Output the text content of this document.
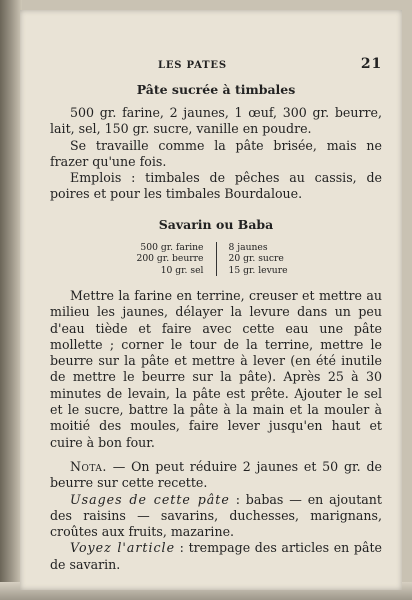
LES PATES	21
Pâte sucrée à timbales

500 gr. farine, 2 jaunes, 1 œuf, 300 gr. beurre, lait, sel, 150 gr. sucre, vanille en poudre.

Se travaille comme la pâte brisée, mais ne frazer qu'une fois.

Emplois : timbales de pêches au cassis, de poires et pour les timbales Bourdaloue.

Savarin ou Baba
500 gr. farine
200 gr. beurre
10 gr. sel
8 jaunes
20 gr. sucre
15 gr. levure

Mettre la farine en terrine, creuser et mettre au milieu les jaunes, délayer la levure dans un peu d'eau tiède et faire avec cette eau une pâte mollette ; corner le tour de la terrine, mettre le beurre sur la pâte et mettre à lever (en été inutile de mettre le beurre sur la pâte). Après 25 à 30 minutes de levain, la pâte est prête. Ajouter le sel et le sucre, battre la pâte à la main et la mouler à moitié des moules, faire lever jusqu'en haut et cuire à bon four.

Nota. — On peut réduire 2 jaunes et 50 gr. de beurre sur cette recette.

Usages de cette pâte : babas — en ajoutant des raisins — savarins, duchesses, marignans, croûtes aux fruits, mazarine.

Voyez l'article : trempage des articles en pâte de savarin.
